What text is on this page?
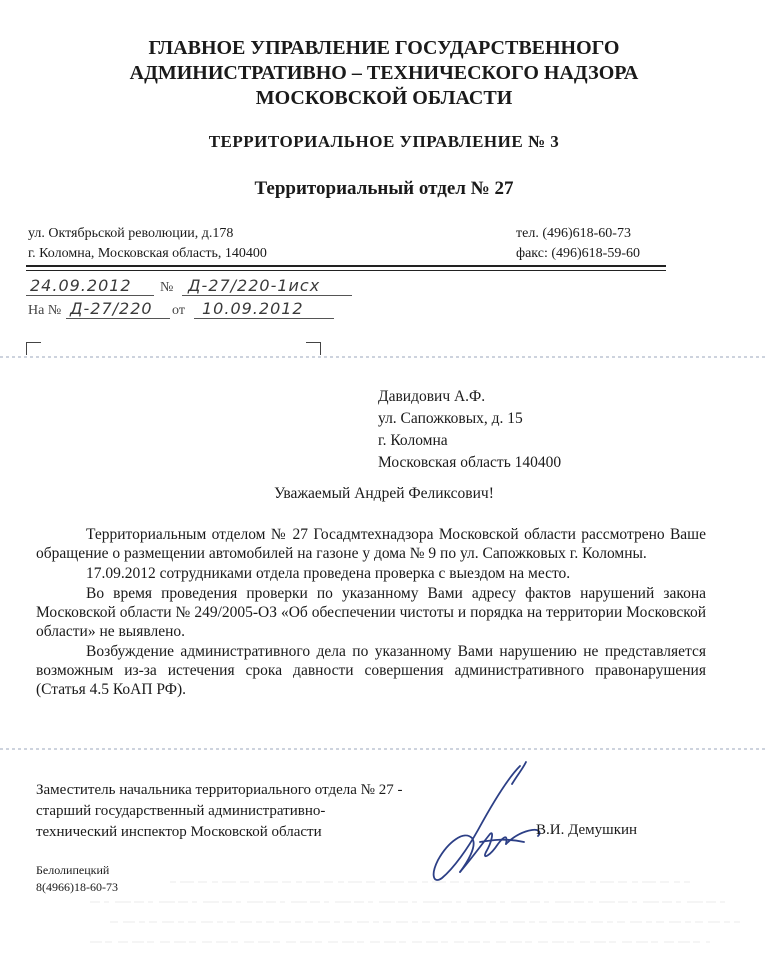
ГЛАВНОЕ УПРАВЛЕНИЕ ГОСУДАРСТВЕННОГО
АДМИНИСТРАТИВНО – ТЕХНИЧЕСКОГО НАДЗОРА
МОСКОВСКОЙ ОБЛАСТИ
ТЕРРИТОРИАЛЬНОЕ УПРАВЛЕНИЕ № 3
Территориальный отдел № 27
ул. Октябрьской революции, д.178
г. Коломна, Московская область, 140400
тел. (496)618-60-73
факс: (496)618-59-60
24.09.2012 № Д-27/220-1исх
На № Д-27/220 от 10.09.2012
Давидович А.Ф.
ул. Сапожковых, д. 15
г. Коломна
Московская область 140400
Уважаемый Андрей Феликсович!

Территориальным отделом № 27 Госадмтехнадзора Московской области рассмотрено Ваше обращение о размещении автомобилей на газоне у дома № 9 по ул. Сапожковых г. Коломны.

17.09.2012 сотрудниками отдела проведена проверка с выездом на место.

Во время проведения проверки по указанному Вами адресу фактов нарушений закона Московской области № 249/2005-ОЗ «Об обеспечении чистоты и порядка на территории Московской области» не выявлено.

Возбуждение административного дела по указанному Вами нарушению не представляется возможным из-за истечения срока давности совершения административного правонарушения (Статья 4.5 КоАП РФ).

Заместитель начальника территориального отдела № 27 -
старший государственный административно-
технический инспектор Московской области	В.И. Демушкин
Белолипецкий
8(4966)18-60-73
